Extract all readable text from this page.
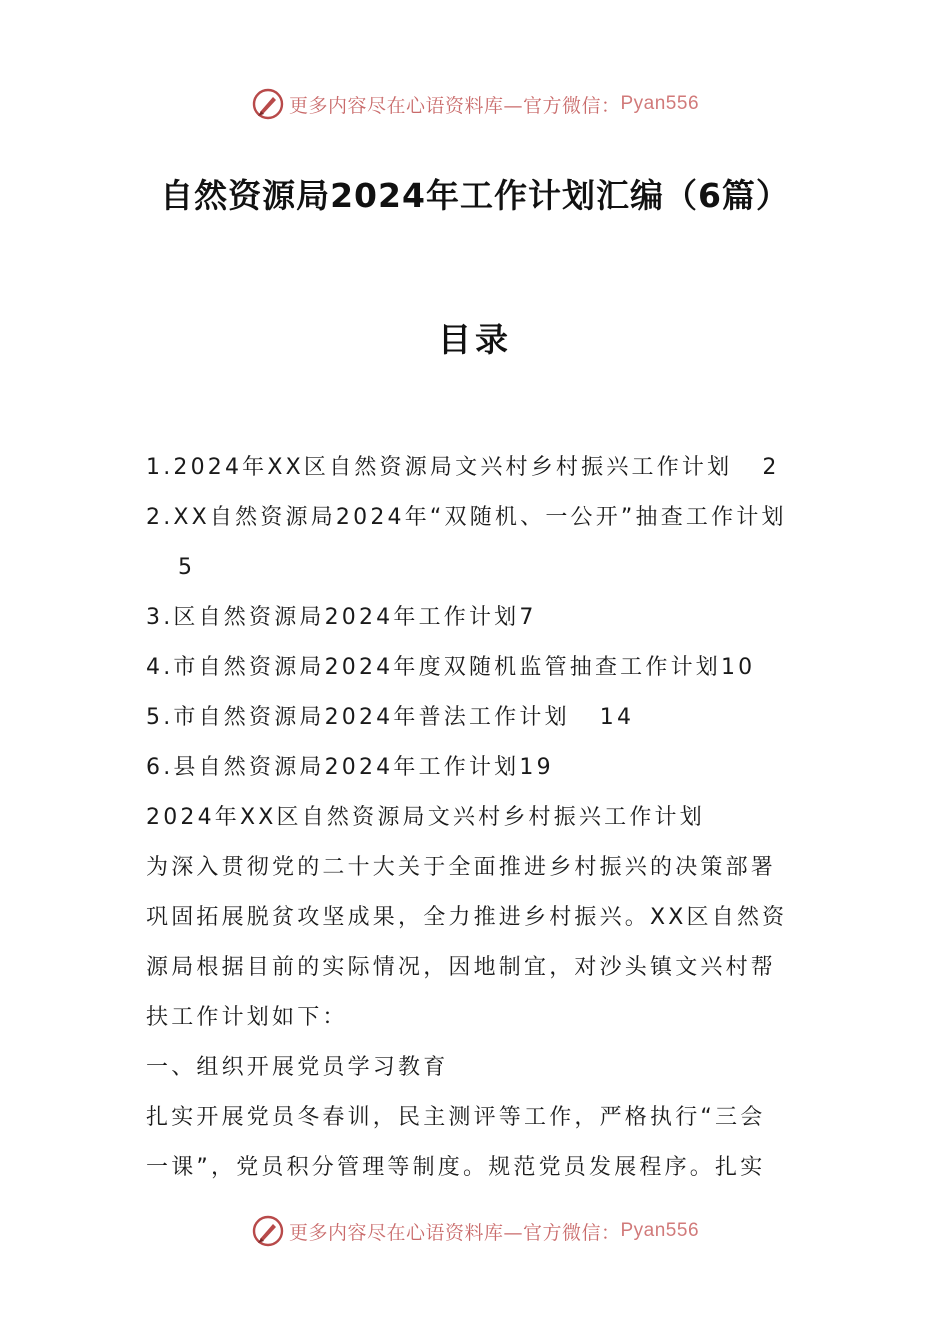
更多内容尽在心语资料库—官方微信： Pyan556
自然资源局2024年工作计划汇编（6篇）
目录
1.2024年XX区自然资源局文兴村乡村振兴工作计划 2
2.XX自然资源局2024年“双随机、一公开”抽查工作计划
5
3.区自然资源局2024年工作计划7
4.市自然资源局2024年度双随机监管抽查工作计划10
5.市自然资源局2024年普法工作计划 14
6.县自然资源局2024年工作计划19
2024年XX区自然资源局文兴村乡村振兴工作计划
为深入贯彻党的二十大关于全面推进乡村振兴的决策部署
巩固拓展脱贫攻坚成果，全力推进乡村振兴。XX区自然资
源局根据目前的实际情况，因地制宜，对沙头镇文兴村帮
扶工作计划如下：
一、组织开展党员学习教育
扎实开展党员冬春训，民主测评等工作，严格执行“三会
一课”，党员积分管理等制度。规范党员发展程序。扎实
更多内容尽在心语资料库—官方微信： Pyan556
